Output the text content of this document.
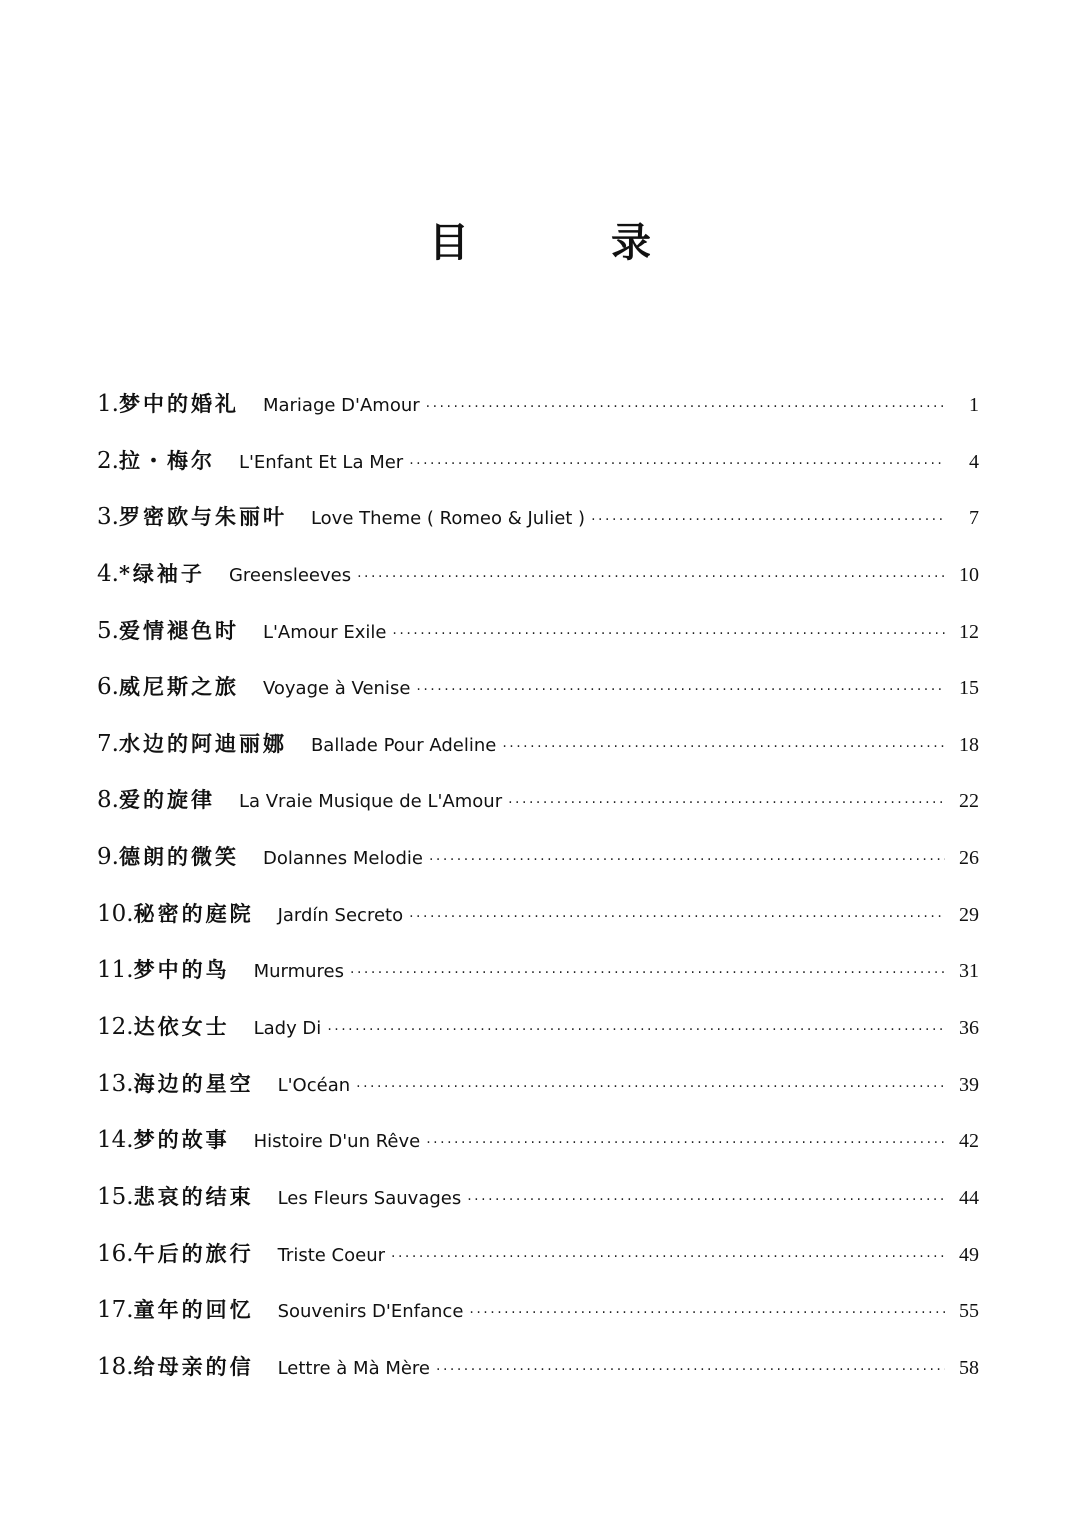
目 录
1. 梦中的婚礼 Mariage D'Amour ·····	1
2. 拉・梅尔 L'Enfant Et La Mer ·····	4
3. 罗密欧与朱丽叶 Love Theme ( Romeo & Juliet ) ·····	7
4. *绿袖子 Greensleeves ·····	10
5. 爱情褪色时 L'Amour Exile ·····	12
6. 威尼斯之旅 Voyage à Venise ·····	15
7. 水边的阿迪丽娜 Ballade Pour Adeline ·····	18
8. 爱的旋律 La Vraie Musique de L'Amour ·····	22
9. 德朗的微笑 Dolannes Melodie ·····	26
10. 秘密的庭院 Jardín Secreto ·····	29
11. 梦中的鸟 Murmures ·····	31
12. 达依女士 Lady Di ·····	36
13. 海边的星空 L'Océan ·····	39
14. 梦的故事 Histoire D'un Rêve ·····	42
15. 悲哀的结束 Les Fleurs Sauvages ·····	44
16. 午后的旅行 Triste Coeur ·····	49
17. 童年的回忆 Souvenirs D'Enfance ·····	55
18. 给母亲的信 Lettre à Mà Mère ·····	58
